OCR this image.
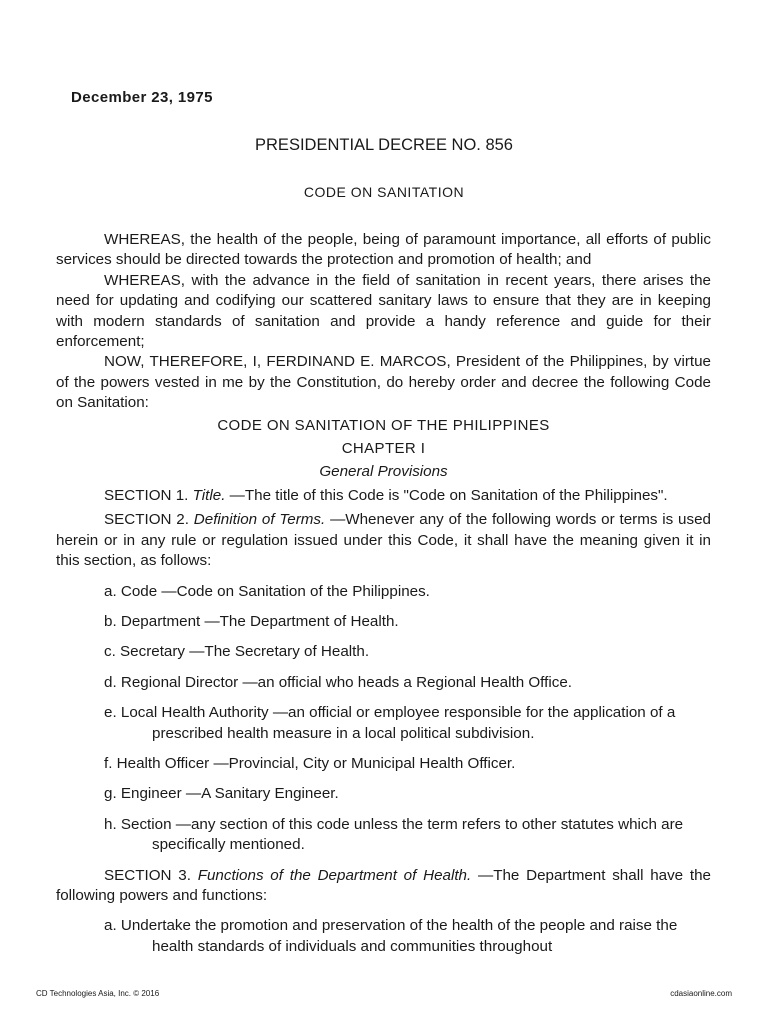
December 23, 1975
PRESIDENTIAL DECREE NO. 856
CODE ON SANITATION

WHEREAS, the health of the people, being of paramount importance, all efforts of public services should be directed towards the protection and promotion of health; and

WHEREAS, with the advance in the field of sanitation in recent years, there arises the need for updating and codifying our scattered sanitary laws to ensure that they are in keeping with modern standards of sanitation and provide a handy reference and guide for their enforcement;

NOW, THEREFORE, I, FERDINAND E. MARCOS, President of the Philippines, by virtue of the powers vested in me by the Constitution, do hereby order and decree the following Code on Sanitation:

CODE ON SANITATION OF THE PHILIPPINES

CHAPTER I

General Provisions

SECTION 1. Title. —The title of this Code is "Code on Sanitation of the Philippines".

SECTION 2. Definition of Terms. —Whenever any of the following words or terms is used herein or in any rule or regulation issued under this Code, it shall have the meaning given it in this section, as follows:

a. Code —Code on Sanitation of the Philippines.

b. Department —The Department of Health.

c. Secretary —The Secretary of Health.

d. Regional Director —an official who heads a Regional Health Office.

e. Local Health Authority —an official or employee responsible for the application of a prescribed health measure in a local political subdivision.

f. Health Officer —Provincial, City or Municipal Health Officer.

g. Engineer —A Sanitary Engineer.

h. Section —any section of this code unless the term refers to other statutes which are specifically mentioned.

SECTION 3. Functions of the Department of Health. —The Department shall have the following powers and functions:

a. Undertake the promotion and preservation of the health of the people and raise the health standards of individuals and communities throughout

CD Technologies Asia, Inc. © 2016	cdasiaonline.com
